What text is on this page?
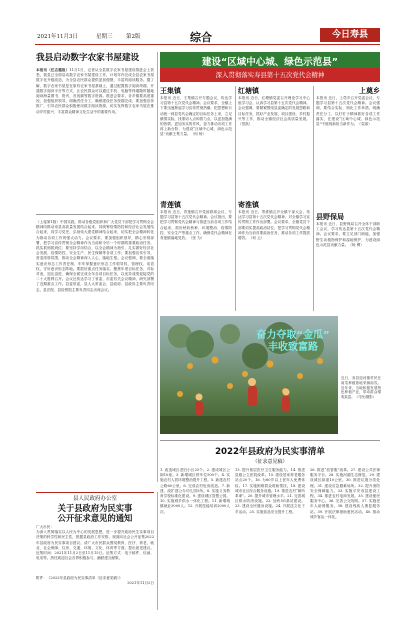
2021年11月3日	星期三 第2版	综合	今日寿县
我县启动数字农家书屋建设
本报讯（任志璐报）11月1日，记者从全县数字农家书屋建设推进会上获悉，我县已全面启动数字农家书屋建设工作，计划年内完成全县农家书屋数字化升级改造，为全县农民群众提供更加便捷、丰富的阅读服务。据了解，数字农家书屋是在原有农家书屋基础上，通过配置数字阅读终端、开通数字阅读平台等方式，让农民群众可以通过手机、电脑等终端随时随地阅读海量图书、报刊、音视频等数字资源。推进会要求，各乡镇要高度重视，加强组织领导，明确责任分工，确保建设任务按期完成；要加强宣传推广，引导农民群众积极使用数字阅读资源，切实发挥数字农家书屋在推动乡村振兴、丰富群众精神文化生活中的重要作用。
（上接第1版）中国实践，推动各级党组织和广大党员干部把学习贯彻全会精神同推动寿县高质量发展结合起来，同统筹疫情防控和经济社会发展结合起来，同学习党史、弘扬伟大建党精神结合起来，切实把全会精神转化为推动各项工作的强大动力。会议要求，要加强组织领导，精心安排部署，把学习宣传贯彻全会精神作为当前和今后一个时期的重要政治任务，抓实抓细抓到位；要坚持学用结合，以全会精神为指引，扎实做好经济社会发展、疫情防控、安全生产、民生保障等各项工作；要加强宣传引导，营造浓厚氛围，推动全会精神深入人心、落地生根。会议强调，要全面落实意识形态工作责任制，牢牢掌握意识形态工作领导权、管理权、话语权，守好意识形态阵地。要抓好重点任务落实，聚焦年度目标任务，对标对表，加压奋进，确保全面完成全年各项目标任务，以优异成绩迎接党的二十大胜利召开。会议还传达学习了省委、市委有关会议精神，研究部署了近期重点工作。县委常委，县人大常委会、县政府、县政协主要负责同志，县法院、县检察院主要负责同志出席会议。
建设“区域中心城、绿色示范县”
深入贯彻落实寿县第十五次党代会精神
王集镇
本报讯 近日，王集镇召开专题会议，传达学习县第十五次党代会精神。会议要求，全镇上下要迅速掀起学习宣传贯彻热潮，把思想和行动统一到县党代会确定的目标任务上来，立足镇情实际，找准切入点和着力点，以更加饱满的热情、更加务实的作风，奋力推动各项工作再上新台阶，为建设“区域中心城、绿色示范县”贡献王集力量。（何 杨）
青莲镇
本报讯 近日，青莲镇召开党政联席会议，专题学习县第十五次党代会精神。会议指出，要把学习贯彻党代会精神与推进当前各项工作结合起来，抓好秋收秋种、环境整治、疫情防控、安全生产等重点工作，确保党代会精神在青莲镇落地见效。（张 为）
红塘镇
本报讯 近日，红塘镇党委召开理论学习中心组学习会，认真学习县第十五次党代会精神。会议强调，要紧紧围绕县委确定的发展思路和目标任务，抓好产业发展、项目建设、乡村振兴等工作，推动全镇经济社会高质量发展。（蔡凯）
寄淮镇
本报讯 近日，寄淮镇召开全镇干部大会，传达学习县第十五次党代会精神，对全镇学习宣传贯彻工作作出部署。会议要求，全镇党员干部要切实提高政治站位，把学习贯彻党代会精神作为当前首要政治任务，推动各项工作提质增效。（何 云）
上奠乡
本报讯 近日，上奠乡召开党委会议，专题学习县第十五次党代会精神。会议强调，要结合实际，细化工作举措，明确责任分工，以钉钉子精神抓好各项工作落实，在建设“区域中心城、绿色示范县”中展现新担当新作为。（袁丽）
县野保局
本报讯 近日，县野保局召开全体干部职工会议，学习传达县第十五次党代会精神。会议要求，要立足部门职能，加强野生动植物保护和湿地保护，为建设绿色示范县贡献力量。（杨 柳）
奋力夺取“金瓜”
丰收致富路
近日，寿县迎河镇村民在南瓜种植基地采摘南瓜。近年来，当地积极发展特色种植产业，带动群众增收致富。（马民/摄影）
县人民政府办公室
关于县政府为民实事
公开征求意见的通知
广大市民：
为深入贯彻落实以人民为中心的发展思想，进一步提升政府民生实事项目决策的科学性和民主性，根据县政府工作安排，现面向社会公开征集2022年县政府为民实事项目建议。请广大市民群众围绕教育、医疗、养老、就业、社会保障、住房、交通、环境、文化、体育等方面，提出意见建议。征集时间：2021年11月2日至11月15日。征集方式：电子邮件、信函、电话等。热忱欢迎社会各界积极参与，踊跃建言献策。
附件：《2022年县政府为民实事清单（征求意见稿）》
2021年11月2日
2022年县政府为民实事清单
（征求意见稿）
1. 改造城区老旧小区25个。2. 建成城区公厕10座。3. 新增城区停车位500个。4. 实施农村人居环境整治提升工程。5. 新建农村公路60公里。6. 完成农村危房改造。7. 新建、改扩建公办幼儿园5所。8. 实施义务教育学校标准化建设。9. 建设城区智慧公园。10. 实施城乡供水一体化工程。11. 新增城镇就业3000人。12. 开展技能培训2000人次。
13. 提升基层医疗卫生服务能力。14. 推进县级公立医院改革。15. 建设居家养老服务站点20个。16. 为60岁以上老年人免费体检。17. 实施困难群众救助帮扶。18. 建设城市社区综合服务设施。19. 推进农村“厕所革命”。20. 提升城市管理水平。21. 完善城区排水防涝设施。22. 加快5G基站建设。23. 建设全民健身设施。24. 开展送文化下乡活动。25. 实施食品安全提升工程。
26. 推进“放管服”改革。27. 建设公共法律服务平台。28. 实施河湖生态修复。29. 建设城区绿道10公里。30. 推进垃圾分类处理。31. 建设应急避难场所。32. 提升消防安全保障能力。33. 实施平安寿县建设工程。34. 推进农村电商发展。35. 建设便民服务中心。36. 完善公交线网。37. 实施老年人助餐服务。38. 建设残疾人康复服务站。39. 开展法律援助惠民活动。40. 推动城乡客运一体化。
